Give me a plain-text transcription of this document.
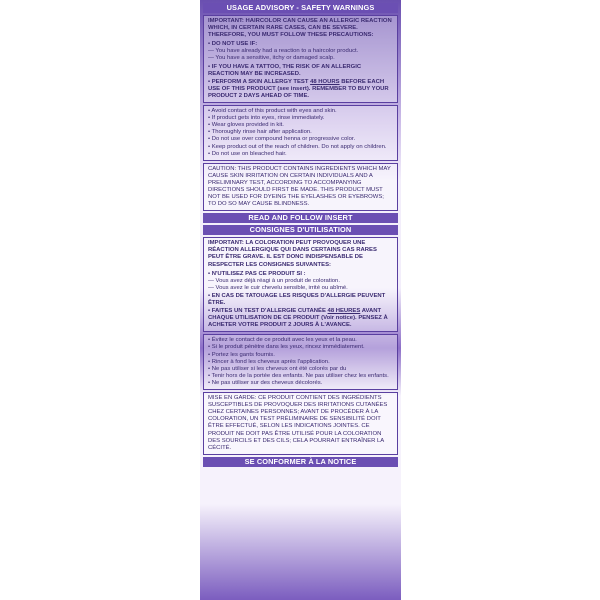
USAGE ADVISORY - SAFETY WARNINGS

IMPORTANT: HAIRCOLOR CAN CAUSE AN ALLERGIC REACTION WHICH, IN CERTAIN RARE CASES, CAN BE SEVERE. THEREFORE, YOU MUST FOLLOW THESE PRECAUTIONS:

• DO NOT USE IF:

— You have already had a reaction to a haircolor product.
— You have a sensitive, itchy or damaged scalp.

• IF YOU HAVE A TATTOO, THE RISK OF AN ALLERGIC REACTION MAY BE INCREASED.

• PERFORM A SKIN ALLERGY TEST 48 HOURS BEFORE EACH USE OF THIS PRODUCT (see insert). REMEMBER TO BUY YOUR PRODUCT 2 DAYS AHEAD OF TIME.

• Avoid contact of this product with eyes and skin.
• If product gets into eyes, rinse immediately.
• Wear gloves provided in kit.
• Thoroughly rinse hair after application.
• Do not use over compound henna or progressive color.
• Keep product out of the reach of children. Do not apply on children.
• Do not use on bleached hair.
CAUTION: THIS PRODUCT CONTAINS INGREDIENTS WHICH MAY CAUSE SKIN IRRITATION ON CERTAIN INDIVIDUALS AND A PRELIMINARY TEST, ACCORDING TO ACCOMPANYING DIRECTIONS SHOULD FIRST BE MADE. THIS PRODUCT MUST NOT BE USED FOR DYEING THE EYELASHES OR EYEBROWS; TO DO SO MAY CAUSE BLINDNESS.
READ AND FOLLOW INSERT
CONSIGNES D'UTILISATION

IMPORTANT: LA COLORATION PEUT PROVOQUER UNE RÉACTION ALLERGIQUE QUI DANS CERTAINS CAS RARES PEUT ÊTRE GRAVE. IL EST DONC INDISPENSABLE DE RESPECTER LES CONSIGNES SUIVANTES:

• N'UTILISEZ PAS CE PRODUIT SI :

— Vous avez déjà réagi à un produit de coloration.
— Vous avez le cuir chevelu sensible, irrité ou abîmé.

• EN CAS DE TATOUAGE LES RISQUES D'ALLERGIE PEUVENT ÊTRE.

• FAITES UN TEST D'ALLERGIE CUTANÉE 48 HEURES AVANT CHAQUE UTILISATION DE CE PRODUIT (Voir notice). PENSEZ À ACHETER VOTRE PRODUIT 2 JOURS À L'AVANCE.

• Évitez le contact de ce produit avec les yeux et la peau.
• Si le produit pénètre dans les yeux, rincez immédiatement.
• Portez les gants fournis.
• Rincer à fond les cheveux après l'application.
• Ne pas utiliser si les cheveux ont été colorés par du
• Tenir hors de la portée des enfants. Ne pas utiliser chez les enfants.
• Ne pas utiliser sur des cheveux décolorés.
MISE EN GARDE: CE PRODUIT CONTIENT DES INGRÉDIENTS SUSCEPTIBLES DE PROVOQUER DES IRRITATIONS CUTANÉES CHEZ CERTAINES PERSONNES; AVANT DE PROCÉDER À LA COLORATION, UN TEST PRÉLIMINAIRE DE SENSIBILITÉ DOIT ÊTRE EFFECTUÉ, SELON LES INDICATIONS JOINTES. CE PRODUIT NE DOIT PAS ÊTRE UTILISÉ POUR LA COLORATION DES SOURCILS ET DES CILS; CELA POURRAIT ENTRAÎNER LA CÉCITÉ.
SE CONFORMER À LA NOTICE
